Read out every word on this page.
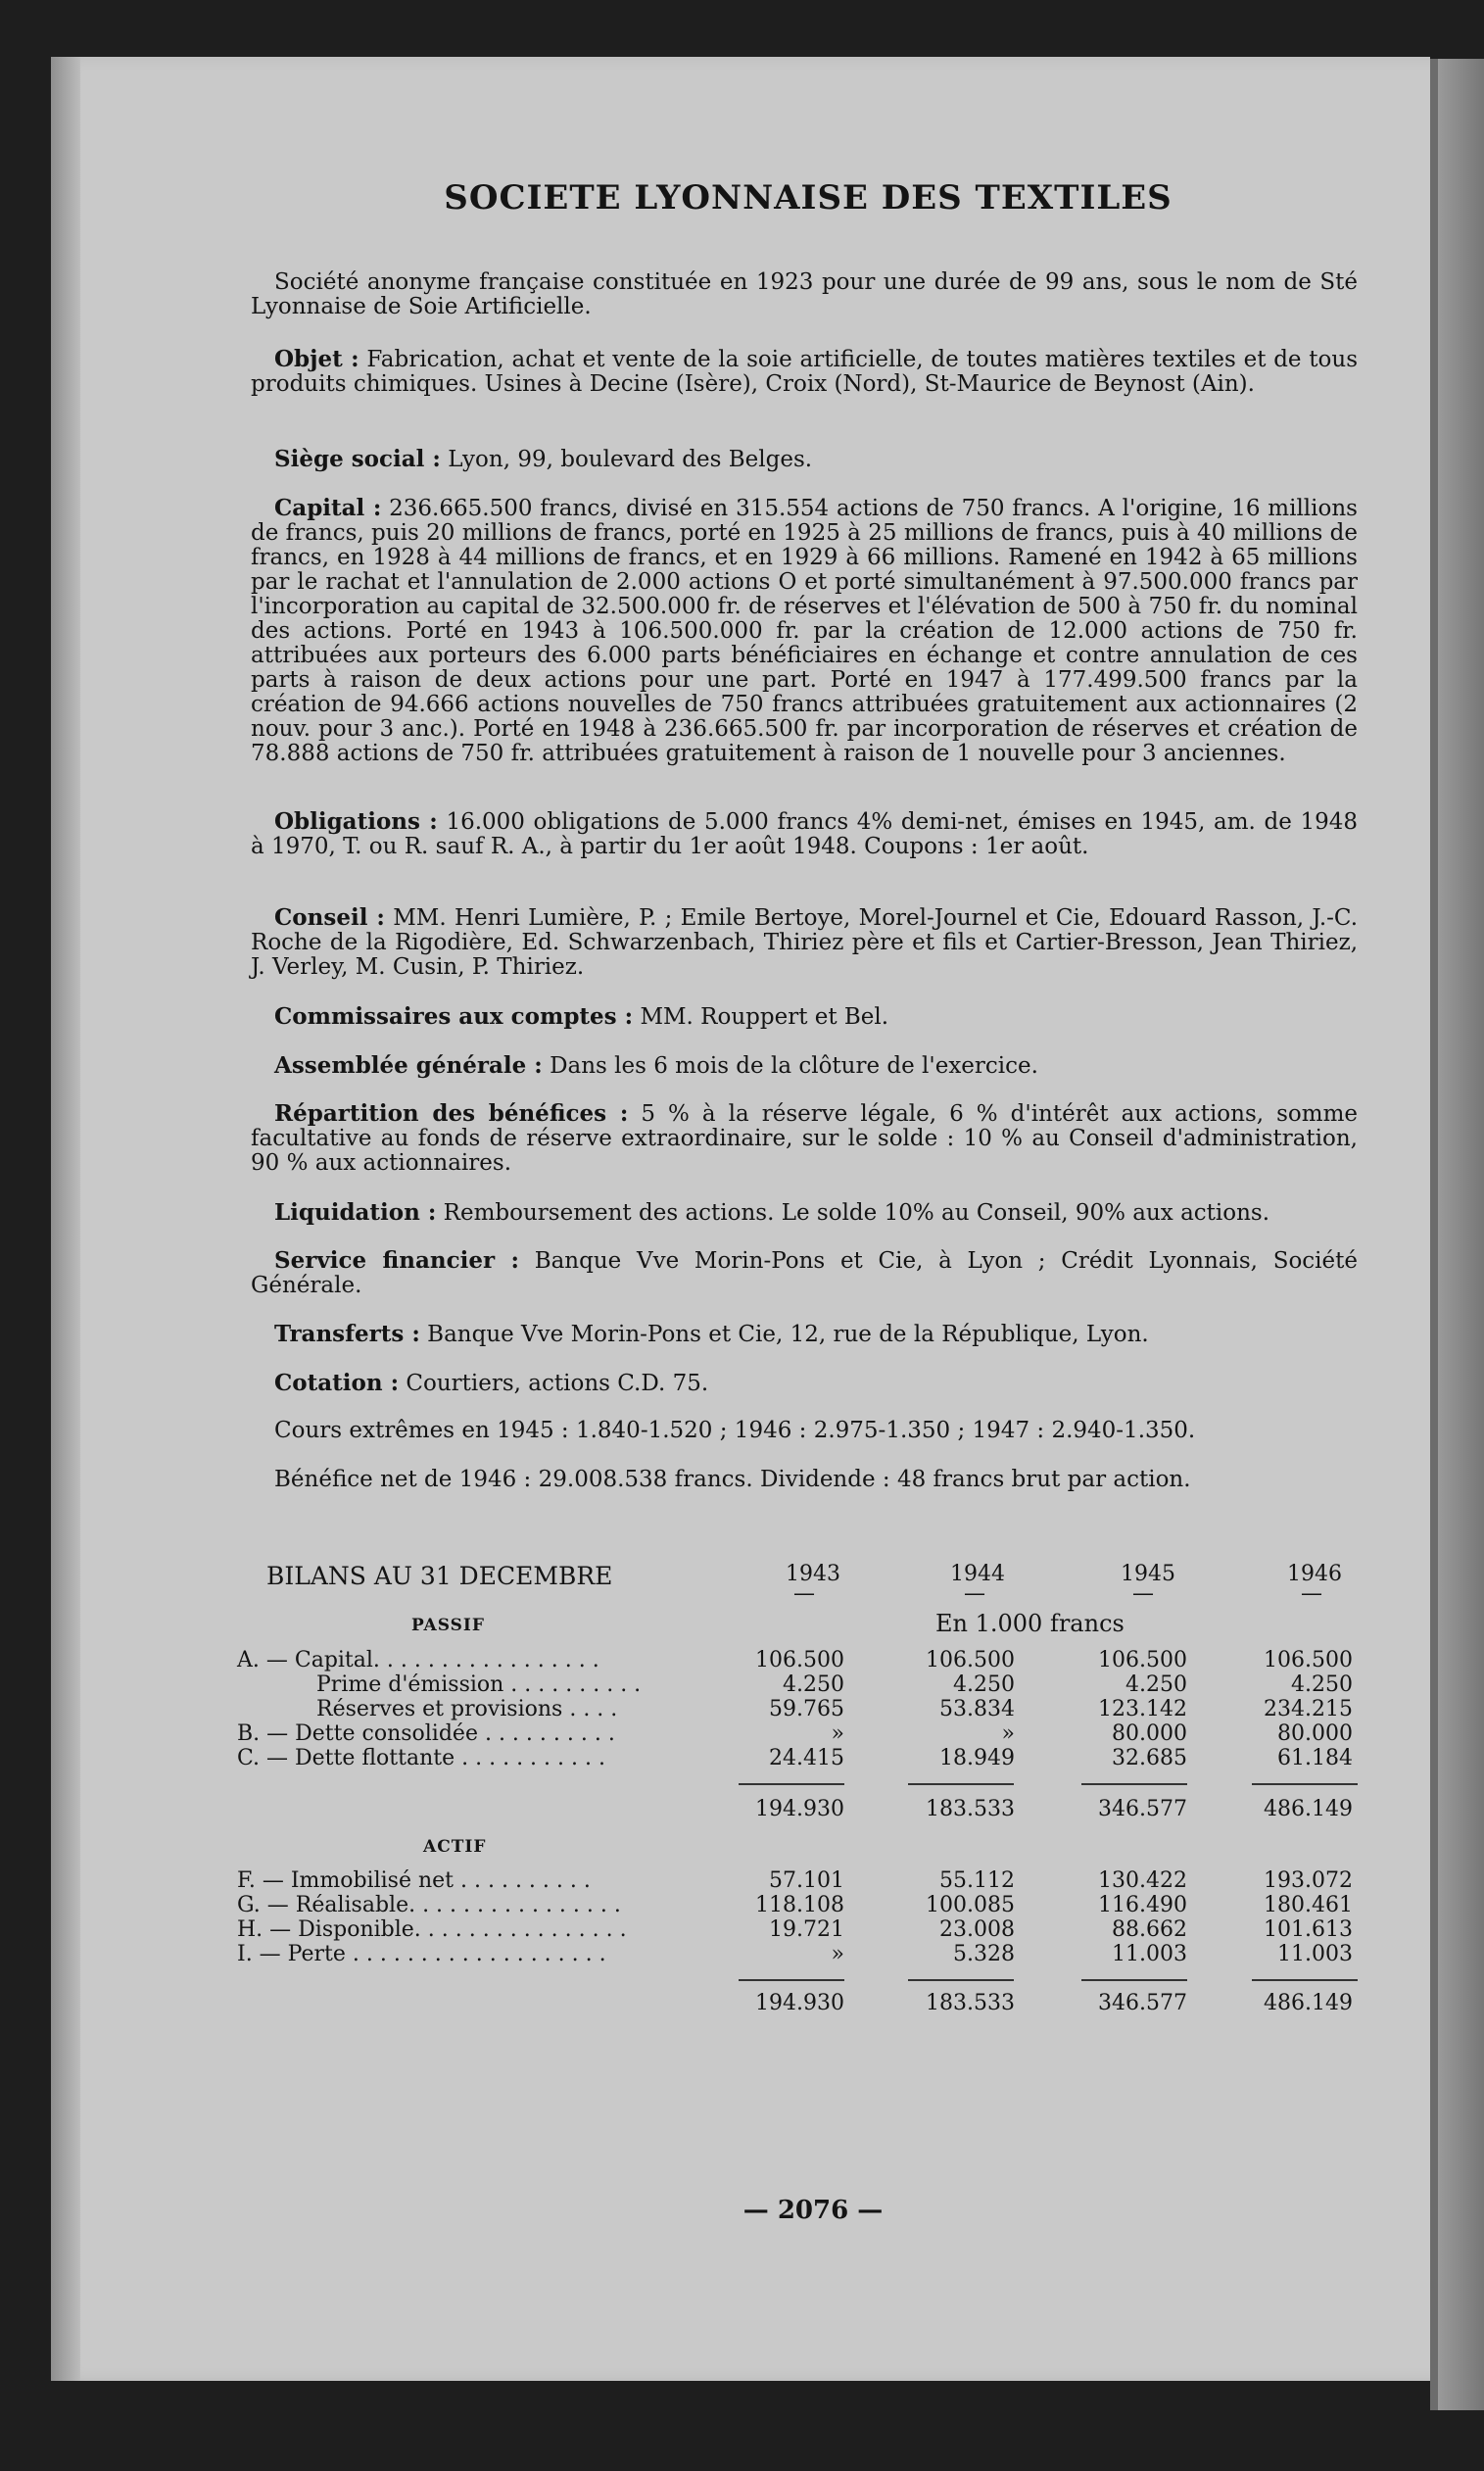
SOCIETE LYONNAISE DES TEXTILES
Société anonyme française constituée en 1923 pour une durée de 99 ans, sous le nom de Sté Lyonnaise de Soie Artificielle.
Objet : Fabrication, achat et vente de la soie artificielle, de toutes matières textiles et de tous produits chimiques. Usines à Decine (Isère), Croix (Nord), St-Maurice de Beynost (Ain).
Siège social : Lyon, 99, boulevard des Belges.
Capital : 236.665.500 francs, divisé en 315.554 actions de 750 francs. A l'origine, 16 millions de francs, puis 20 millions de francs, porté en 1925 à 25 millions de francs, puis à 40 millions de francs, en 1928 à 44 millions de francs, et en 1929 à 66 millions. Ramené en 1942 à 65 millions par le rachat et l'annulation de 2.000 actions O et porté simultanément à 97.500.000 francs par l'incorporation au capital de 32.500.000 fr. de réserves et l'élévation de 500 à 750 fr. du nominal des actions. Porté en 1943 à 106.500.000 fr. par la création de 12.000 actions de 750 fr. attribuées aux porteurs des 6.000 parts bénéficiaires en échange et contre annulation de ces parts à raison de deux actions pour une part. Porté en 1947 à 177.499.500 francs par la création de 94.666 actions nouvelles de 750 francs attribuées gratuitement aux actionnaires (2 nouv. pour 3 anc.). Porté en 1948 à 236.665.500 fr. par incorporation de réserves et création de 78.888 actions de 750 fr. attribuées gratuitement à raison de 1 nouvelle pour 3 anciennes.
Obligations : 16.000 obligations de 5.000 francs 4% demi-net, émises en 1945, am. de 1948 à 1970, T. ou R. sauf R. A., à partir du 1er août 1948. Coupons : 1er août.
Conseil : MM. Henri Lumière, P. ; Emile Bertoye, Morel-Journel et Cie, Edouard Rasson, J.-C. Roche de la Rigodière, Ed. Schwarzenbach, Thiriez père et fils et Cartier-Bresson, Jean Thiriez, J. Verley, M. Cusin, P. Thiriez.
Commissaires aux comptes : MM. Rouppert et Bel.
Assemblée générale : Dans les 6 mois de la clôture de l'exercice.
Répartition des bénéfices : 5 % à la réserve légale, 6 % d'intérêt aux actions, somme facultative au fonds de réserve extraordinaire, sur le solde : 10 % au Conseil d'administration, 90 % aux actionnaires.
Liquidation : Remboursement des actions. Le solde 10% au Conseil, 90% aux actions.
Service financier : Banque Vve Morin-Pons et Cie, à Lyon ; Crédit Lyonnais, Société Générale.
Transferts : Banque Vve Morin-Pons et Cie, 12, rue de la République, Lyon.
Cotation : Courtiers, actions C.D. 75.
Cours extrêmes en 1945 : 1.840-1.520 ; 1946 : 2.975-1.350 ; 1947 : 2.940-1.350.
Bénéfice net de 1946 : 29.008.538 francs. Dividende : 48 francs brut par action.
BILANS AU 31 DECEMBRE	1943	1944	1945	1946
—	—	—	—
PASSIF	En 1.000 francs
A. — Capital. . . . . . . . . . . . . . . . .	106.500	106.500	106.500	106.500
Prime d'émission . . . . . . . . . .	4.250	4.250	4.250	4.250
Réserves et provisions . . . .	59.765	53.834	123.142	234.215
B. — Dette consolidée . . . . . . . . . .	»	»	80.000	80.000
C. — Dette flottante . . . . . . . . . . .	24.415	18.949	32.685	61.184
194.930	183.533	346.577	486.149
ACTIF
F. — Immobilisé net . . . . . . . . . .	57.101	55.112	130.422	193.072
G. — Réalisable. . . . . . . . . . . . . . . .	118.108	100.085	116.490	180.461
H. — Disponible. . . . . . . . . . . . . . . .	19.721	23.008	88.662	101.613
I. — Perte . . . . . . . . . . . . . . . . . . .	»	5.328	11.003	11.003
194.930	183.533	346.577	486.149
— 2076 —
